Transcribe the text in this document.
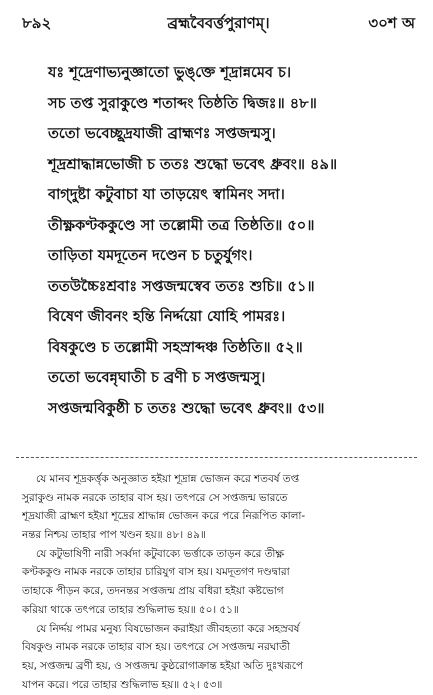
৮৯২	ব্রহ্মবৈবর্ত্তপুরাণম্।	৩০শ অ
যঃ শূদ্রেণাভ্যনুজ্ঞাতো ভুঙ্‌ক্তে শূদ্রান্নমেব চ।
সচ তপ্ত সুরাকুণ্ডে শতাব্দং তিষ্ঠতি দ্বিজঃ॥ ৪৮॥
ততো ভবেচ্ছূদ্রযাজী ব্রাহ্মণঃ সপ্তজন্মসু।
শূদ্রশ্রাদ্ধান্নভোজী চ ততঃ শুদ্ধো ভবেৎ ধ্রুবং॥ ৪৯॥
বাগ্‌দুষ্টা কটুবাচা যা তাড়য়েৎ স্বামিনং সদা।
তীক্ষ্ণকণ্টককুণ্ডে সা তল্লোমী তত্র তিষ্ঠতি॥ ৫০॥
তাড়িতা যমদূতেন দণ্ডেন চ চতুর্যুগং।
ততউচ্চৈঃশ্রবাঃ সপ্তজন্মস্বেব ততঃ শুচি॥ ৫১॥
বিষেণ জীবনং হন্তি নির্দ্দয়ো যোহি পামরঃ।
বিষকুণ্ডে চ তল্লোমী সহস্রাব্দঞ্চ তিষ্ঠতি॥ ৫২॥
ততো ভবেন্নৃঘাতী চ ব্রণী চ সপ্তজন্মসু।
সপ্তজন্মবিকুষ্ঠী চ ততঃ শুদ্ধো ভবেৎ ধ্রুবং॥ ৫৩॥
যে মানব শূদ্রকর্ত্তৃক অনুজ্ঞাত হইয়া শূদ্রান্ন ভোজন করে শতবর্ষ তপ্ত
সুরাকুণ্ড নামক নরকে তাহার বাস হয়। তৎপরে সে সপ্তজন্ম ভারতে
শূদ্রযাজী ব্রাহ্মণ হইয়া শূদ্রের শ্রাদ্ধান্ন ভোজন করে পরে নিরূপিত কালা-
নন্তর নিশ্চয় তাহার পাপ খণ্ডন হয়॥ ৪৮। ৪৯॥
যে কটুভাষিণী নারী সর্ব্বদা কটুবাক্যে ভর্ত্তাকে তাড়ন করে তীক্ষ্ণ
কণ্টককুণ্ড নামক নরকে তাহার চারিযুগ বাস হয়। যমদূতগণ দণ্ডদ্বারা
তাহাকে পীড়ন করে, তদনন্তর সপ্তজন্ম প্রায় বধিরা হইয়া কষ্টভোগ
করিয়া থাকে তৎপরে তাহার শুদ্ধিলাভ হয়॥ ৫০। ৫১॥
যে নির্দ্দয় পামর মনুষ্য বিষভোজন করাইয়া জীবহত্যা করে সহস্রবর্ষ
বিষকুণ্ড নামক নরকে তাহার বাস হয়। তৎপরে সে সপ্তজন্ম নরঘাতী
হয়, সপ্তজন্ম ব্রণী হয়, ও সপ্তজন্ম কুষ্ঠরোগাক্রান্ত হইয়া অতি দুঃখরূপে
যাপন করে। পরে তাহার শুদ্ধিলাভ হয়॥ ৫২। ৫৩॥
